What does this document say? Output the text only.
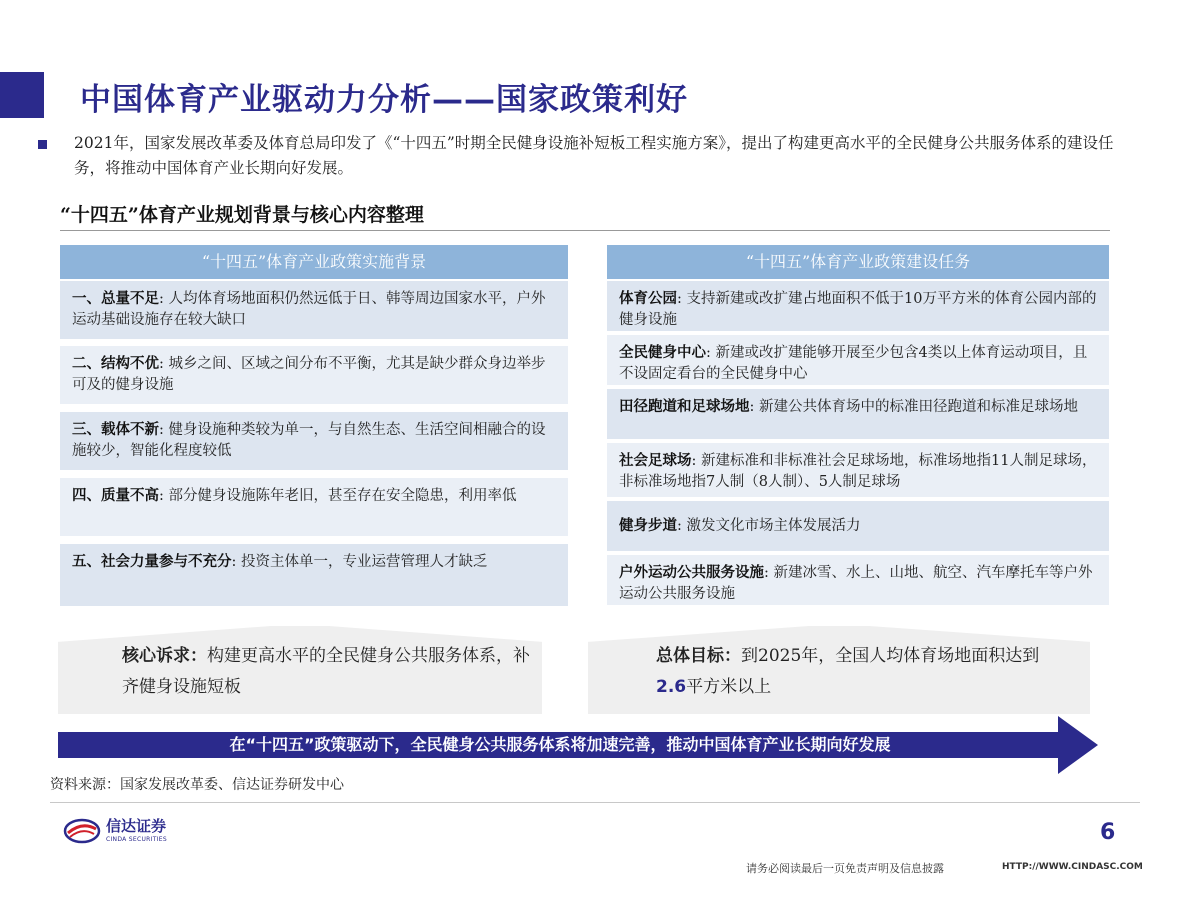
中国体育产业驱动力分析——国家政策利好
2021年，国家发展改革委及体育总局印发了《“十四五”时期全民健身设施补短板工程实施方案》，提出了构建更高水平的全民健身公共服务体系的建设任务，将推动中国体育产业长期向好发展。
“十四五”体育产业规划背景与核心内容整理
“十四五”体育产业政策实施背景
一、总量不足: 人均体育场地面积仍然远低于日、韩等周边国家水平，户外运动基础设施存在较大缺口
二、结构不优: 城乡之间、区域之间分布不平衡，尤其是缺少群众身边举步可及的健身设施
三、载体不新: 健身设施种类较为单一，与自然生态、生活空间相融合的设施较少，智能化程度较低
四、质量不高: 部分健身设施陈年老旧，甚至存在安全隐患，利用率低
五、社会力量参与不充分: 投资主体单一，专业运营管理人才缺乏
“十四五”体育产业政策建设任务
体育公园: 支持新建或改扩建占地面积不低于10万平方米的体育公园内部的健身设施
全民健身中心: 新建或改扩建能够开展至少包含4类以上体育运动项目，且不设固定看台的全民健身中心
田径跑道和足球场地: 新建公共体育场中的标准田径跑道和标准足球场地
社会足球场: 新建标准和非标准社会足球场地，标准场地指11人制足球场，非标准场地指7人制（8人制）、5人制足球场
健身步道: 激发文化市场主体发展活力
户外运动公共服务设施: 新建冰雪、水上、山地、航空、汽车摩托车等户外运动公共服务设施
核心诉求：构建更高水平的全民健身公共服务体系，补齐健身设施短板
总体目标：到2025年，全国人均体育场地面积达到2.6平方米以上
在“十四五”政策驱动下，全民健身公共服务体系将加速完善，推动中国体育产业长期向好发展
资料来源：国家发展改革委、信达证券研发中心
信达证券
CINDA SECURITIES	6
请务必阅读最后一页免责声明及信息披露	HTTP://WWW.CINDASC.COM
